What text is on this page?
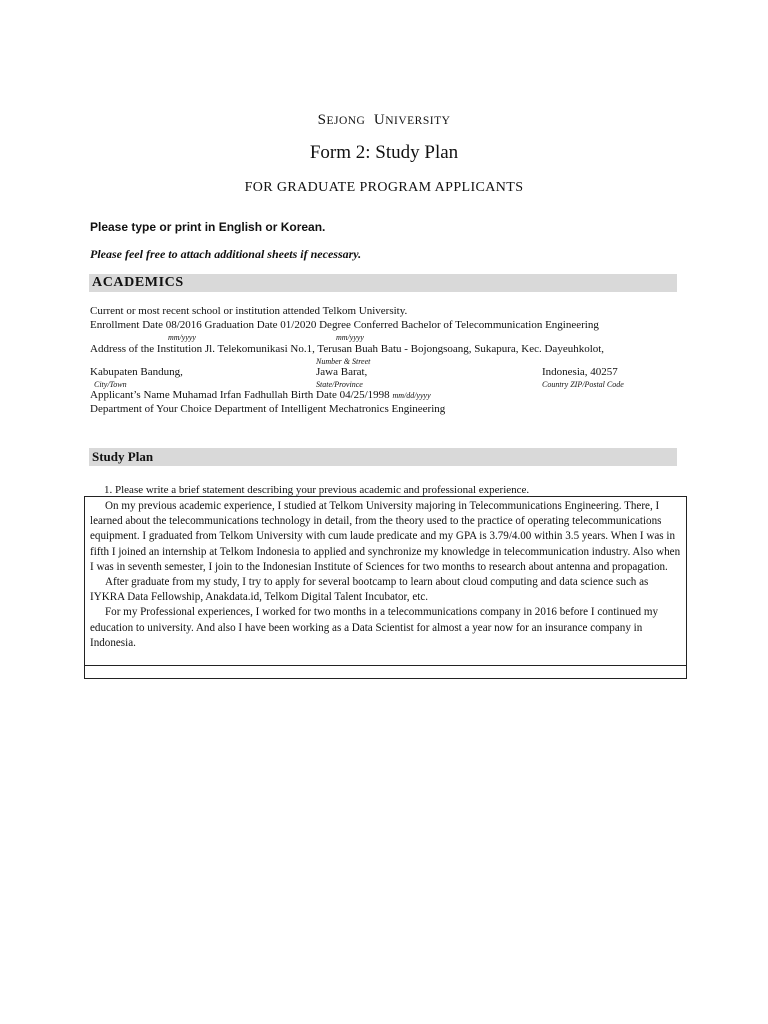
SEJONG UNIVERSITY
Form 2: Study Plan
FOR GRADUATE PROGRAM APPLICANTS
Please type or print in English or Korean.
Please feel free to attach additional sheets if necessary.
ACADEMICS
Current or most recent school or institution attended Telkom University.
Enrollment Date 08/2016 Graduation Date 01/2020 Degree Conferred Bachelor of Telecommunication Engineering
mm/yyyy	mm/yyyy
Address of the Institution Jl. Telekomunikasi No.1, Terusan Buah Batu - Bojongsoang, Sukapura, Kec. Dayeuhkolot,
Number & Street
Kabupaten Bandung,	Jawa Barat,	Indonesia, 40257
City/Town	State/Province	Country ZIP/Postal Code
Applicant’s Name Muhamad Irfan Fadhullah Birth Date 04/25/1998 mm/dd/yyyy
Department of Your Choice Department of Intelligent Mechatronics Engineering
Study Plan
1. Please write a brief statement describing your previous academic and professional experience.

On my previous academic experience, I studied at Telkom University majoring in Telecommunications Engineering. There, I learned about the telecommunications technology in detail, from the theory used to the practice of operating telecommunications equipment. I graduated from Telkom University with cum laude predicate and my GPA is 3.79/4.00 within 3.5 years. When I was in fifth I joined an internship at Telkom Indonesia to applied and synchronize my knowledge in telecommunication industry. Also when I was in seventh semester, I join to the Indonesian Institute of Sciences for two months to research about antenna and propagation.

After graduate from my study, I try to apply for several bootcamp to learn about cloud computing and data science such as IYKRA Data Fellowship, Anakdata.id, Telkom Digital Talent Incubator, etc.

For my Professional experiences, I worked for two months in a telecommunications company in 2016 before I continued my education to university. And also I have been working as a Data Scientist for almost a year now for an insurance company in Indonesia.
